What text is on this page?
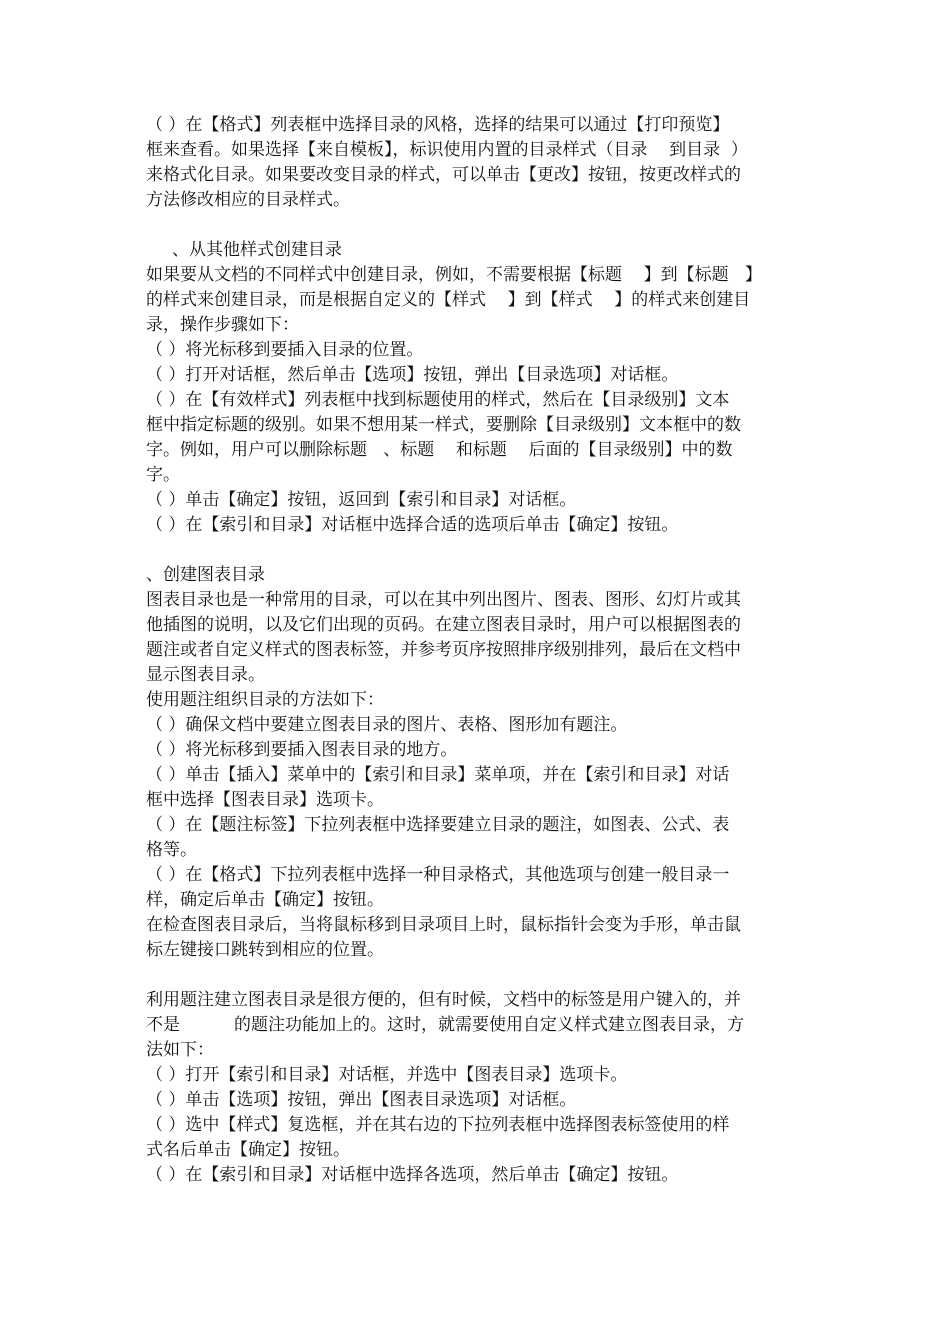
（ ）在【格式】列表框中选择目录的风格，选择的结果可以通过【打印预览】
框来查看。如果选择【来自模板】，标识使用内置的目录样式（目录    到目录  ）
来格式化目录。如果要改变目录的样式，可以单击【更改】按钮，按更改样式的
方法修改相应的目录样式。
、从其他样式创建目录
如果要从文档的不同样式中创建目录，例如，不需要根据【标题    】到【标题   】
的样式来创建目录，而是根据自定义的【样式    】到【样式    】的样式来创建目
录，操作步骤如下：
（ ）将光标移到要插入目录的位置。
（ ）打开对话框，然后单击【选项】按钮，弹出【目录选项】对话框。
（ ）在【有效样式】列表框中找到标题使用的样式，然后在【目录级别】文本
框中指定标题的级别。如果不想用某一样式，要删除【目录级别】文本框中的数
字。例如，用户可以删除标题   、标题    和标题    后面的【目录级别】中的数
字。
（ ）单击【确定】按钮，返回到【索引和目录】对话框。
（ ）在【索引和目录】对话框中选择合适的选项后单击【确定】按钮。
、创建图表目录
图表目录也是一种常用的目录，可以在其中列出图片、图表、图形、幻灯片或其
他插图的说明，以及它们出现的页码。在建立图表目录时，用户可以根据图表的
题注或者自定义样式的图表标签，并参考页序按照排序级别排列，最后在文档中
显示图表目录。
使用题注组织目录的方法如下：
（ ）确保文档中要建立图表目录的图片、表格、图形加有题注。
（ ）将光标移到要插入图表目录的地方。
（ ）单击【插入】菜单中的【索引和目录】菜单项，并在【索引和目录】对话
框中选择【图表目录】选项卡。
（ ）在【题注标签】下拉列表框中选择要建立目录的题注，如图表、公式、表
格等。
（ ）在【格式】下拉列表框中选择一种目录格式，其他选项与创建一般目录一
样，确定后单击【确定】按钮。
在检查图表目录后，当将鼠标移到目录项目上时，鼠标指针会变为手形，单击鼠
标左键接口跳转到相应的位置。
利用题注建立图表目录是很方便的，但有时候，文档中的标签是用户键入的，并
不是          的题注功能加上的。这时，就需要使用自定义样式建立图表目录，方
法如下：
（ ）打开【索引和目录】对话框，并选中【图表目录】选项卡。
（ ）单击【选项】按钮，弹出【图表目录选项】对话框。
（ ）选中【样式】复选框，并在其右边的下拉列表框中选择图表标签使用的样
式名后单击【确定】按钮。
（ ）在【索引和目录】对话框中选择各选项，然后单击【确定】按钮。
